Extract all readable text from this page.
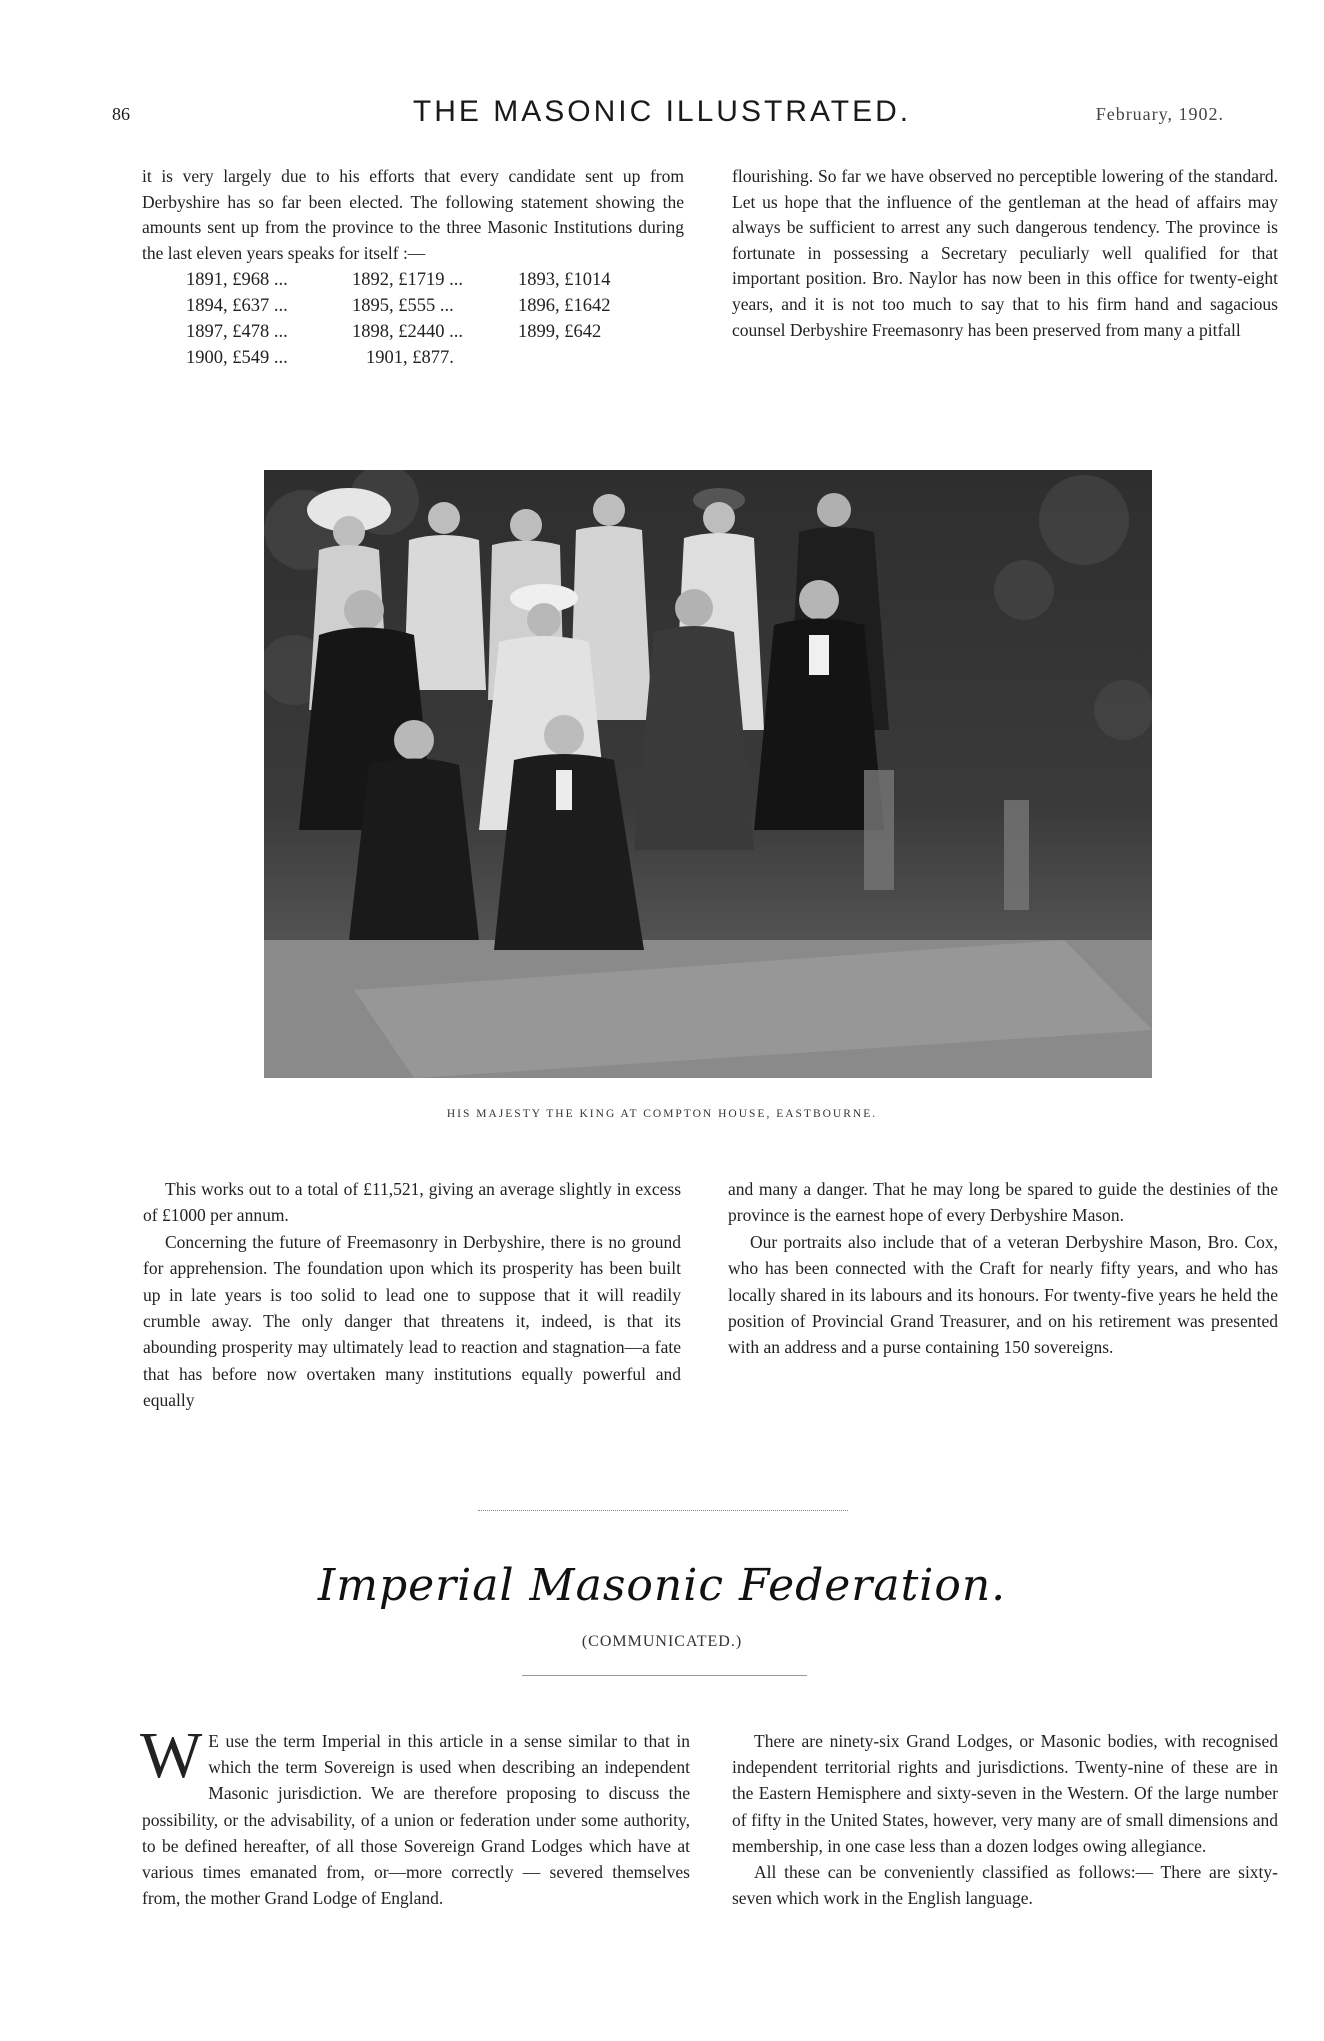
86	THE MASONIC ILLUSTRATED.	February, 1902.

it is very largely due to his efforts that every candidate sent up from Derbyshire has so far been elected. The following statement showing the amounts sent up from the province to the three Masonic Institutions during the last eleven years speaks for itself :—

1891, £968 ...	1892, £1719 ...	1893, £1014
1894, £637 ...	1895, £555 ...	1896, £1642
1897, £478 ...	1898, £2440 ...	1899, £642
1900, £549 ...	1901, £877.

flourishing. So far we have observed no perceptible lowering of the standard. Let us hope that the influence of the gentleman at the head of affairs may always be sufficient to arrest any such dangerous tendency. The province is fortunate in possessing a Secretary peculiarly well qualified for that important position. Bro. Naylor has now been in this office for twenty-eight years, and it is not too much to say that to his firm hand and sagacious counsel Derbyshire Freemasonry has been preserved from many a pitfall

HIS MAJESTY THE KING AT COMPTON HOUSE, EASTBOURNE.

This works out to a total of £11,521, giving an average slightly in excess of £1000 per annum.

Concerning the future of Freemasonry in Derbyshire, there is no ground for apprehension. The foundation upon which its prosperity has been built up in late years is too solid to lead one to suppose that it will readily crumble away. The only danger that threatens it, indeed, is that its abounding prosperity may ultimately lead to reaction and stagnation—a fate that has before now overtaken many institutions equally powerful and equally

and many a danger. That he may long be spared to guide the destinies of the province is the earnest hope of every Derbyshire Mason.

Our portraits also include that of a veteran Derbyshire Mason, Bro. Cox, who has been connected with the Craft for nearly fifty years, and who has locally shared in its labours and its honours. For twenty-five years he held the position of Provincial Grand Treasurer, and on his retirement was presented with an address and a purse containing 150 sovereigns.

Imperial Masonic Federation.
(COMMUNICATED.)

W E use the term Imperial in this article in a sense similar to that in which the term Sovereign is used when describing an independent Masonic jurisdiction. We are therefore proposing to discuss the possibility, or the advisability, of a union or federation under some authority, to be defined hereafter, of all those Sovereign Grand Lodges which have at various times emanated from, or—more correctly — severed themselves from, the mother Grand Lodge of England.

There are ninety-six Grand Lodges, or Masonic bodies, with recognised independent territorial rights and jurisdictions. Twenty-nine of these are in the Eastern Hemisphere and sixty-seven in the Western. Of the large number of fifty in the United States, however, very many are of small dimensions and membership, in one case less than a dozen lodges owing allegiance.

All these can be conveniently classified as follows:— There are sixty-seven which work in the English language.
